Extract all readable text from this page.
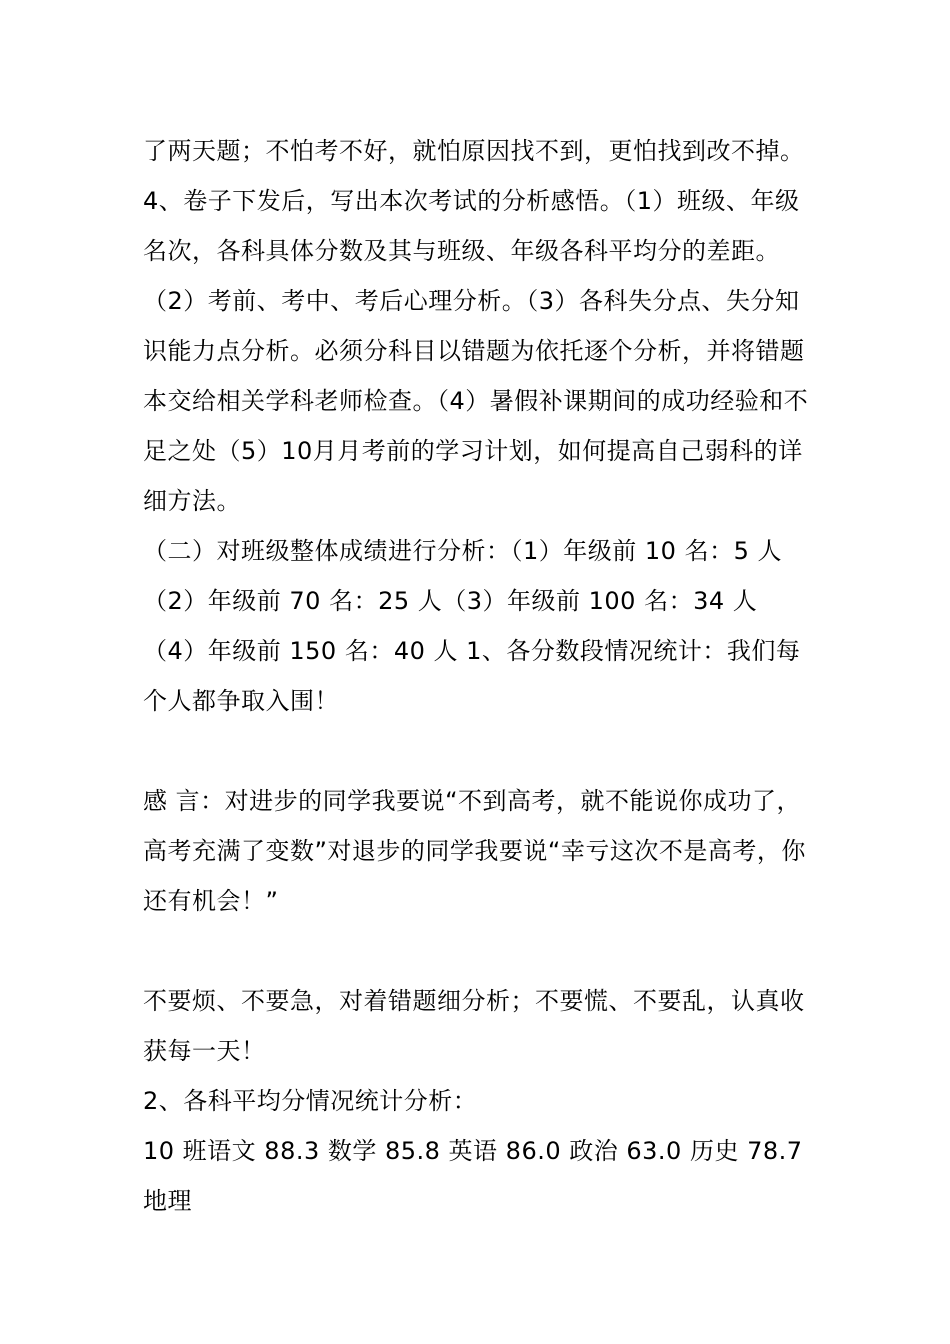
了两天题；不怕考不好，就怕原因找不到，更怕找到改不掉。

4、卷子下发后，写出本次考试的分析感悟。（1）班级、年级名次，各科具体分数及其与班级、年级各科平均分的差距。（2）考前、考中、考后心理分析。（3）各科失分点、失分知识能力点分析。必须分科目以错题为依托逐个分析，并将错题本交给相关学科老师检查。（4）暑假补课期间的成功经验和不足之处（5）10月月考前的学习计划，如何提高自己弱科的详细方法。

（二）对班级整体成绩进行分析：（1）年级前 10 名：5 人（2）年级前 70 名：25 人（3）年级前 100 名：34 人（4）年级前 150 名：40 人 1、各分数段情况统计：我们每个人都争取入围！

感 言：对进步的同学我要说“不到高考，就不能说你成功了，高考充满了变数”对退步的同学我要说“幸亏这次不是高考，你还有机会！”

不要烦、不要急，对着错题细分析；不要慌、不要乱，认真收获每一天！

2、各科平均分情况统计分析：

10 班语文 88.3 数学 85.8 英语 86.0 政治 63.0 历史 78.7 地理
